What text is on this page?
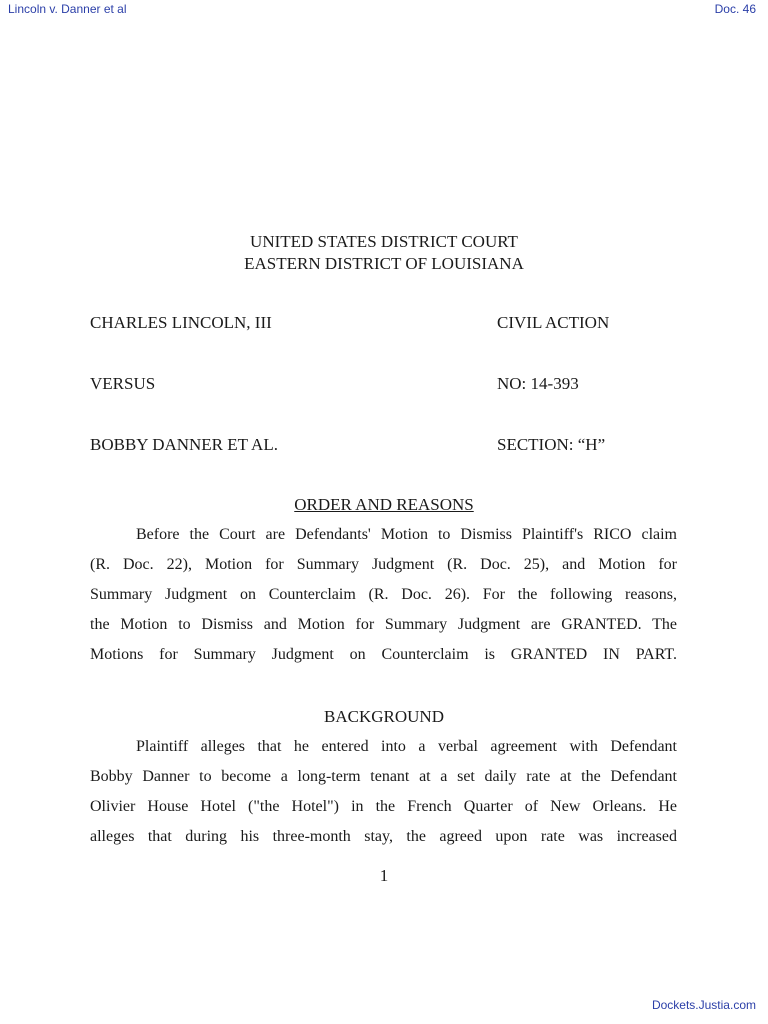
Lincoln v. Danner et al	Doc. 46
UNITED STATES DISTRICT COURT
EASTERN DISTRICT OF LOUISIANA
CHARLES LINCOLN, III	CIVIL ACTION
VERSUS	NO: 14-393
BOBBY DANNER ET AL.	SECTION: “H”
ORDER AND REASONS
Before the Court are Defendants' Motion to Dismiss Plaintiff's RICO claim
(R. Doc. 22), Motion for Summary Judgment (R. Doc. 25), and Motion for
Summary Judgment on Counterclaim (R. Doc. 26). For the following reasons,
the Motion to Dismiss and Motion for Summary Judgment are GRANTED. The
Motions for Summary Judgment on Counterclaim is GRANTED IN PART.
BACKGROUND
Plaintiff alleges that he entered into a verbal agreement with Defendant
Bobby Danner to become a long-term tenant at a set daily rate at the Defendant
Olivier House Hotel ("the Hotel") in the French Quarter of New Orleans. He
alleges that during his three-month stay, the agreed upon rate was increased
1
Dockets.Justia.com
